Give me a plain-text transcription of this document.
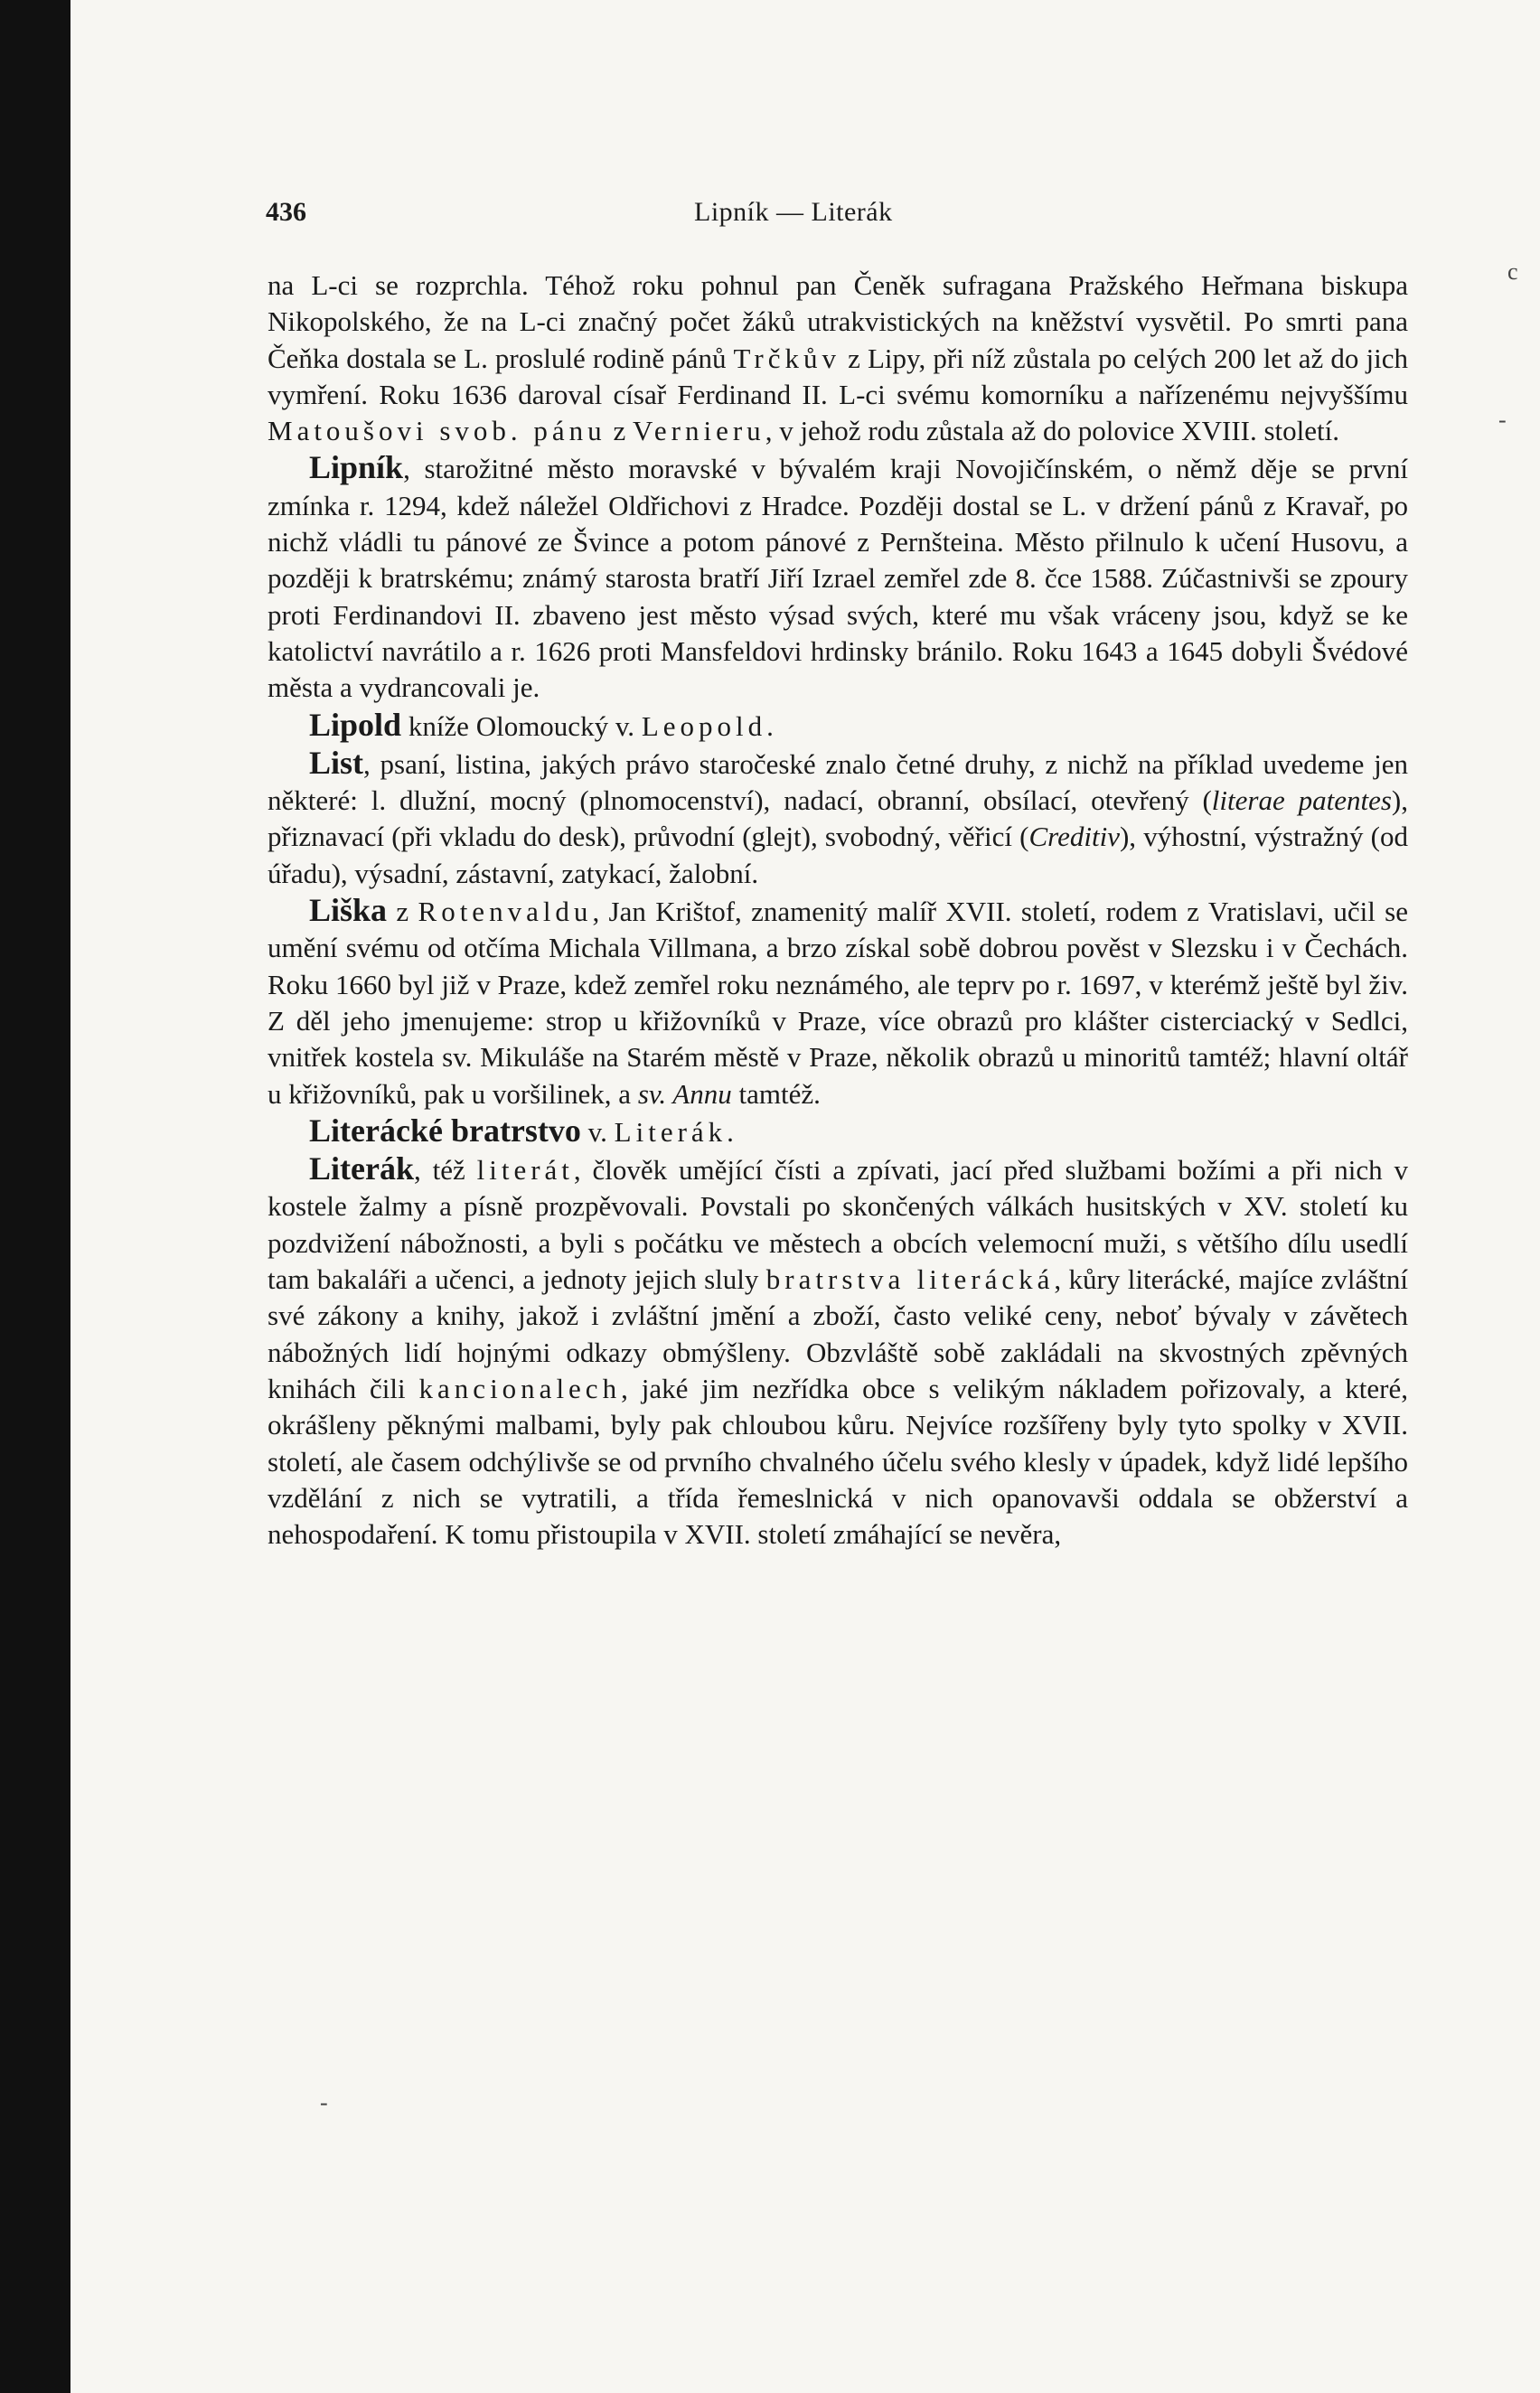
436	Lipník — Literák

na L-ci se rozprchla. Téhož roku pohnul pan Čeněk sufragana Pražského Heřmana biskupa Nikopolského, že na L-ci značný počet žáků utrakvistických na kněžství vysvětil. Po smrti pana Čeňka dostala se L. proslulé rodině pánů Trčkův z Lipy, při níž zůstala po celých 200 let až do jich vymření. Roku 1636 daroval císař Ferdinand II. L-ci svému komorníku a nařízenému nejvyššímu Matoušovi svob. pánu z Vernieru, v jehož rodu zůstala až do polovice XVIII. století.

Lipník, starožitné město moravské v bývalém kraji Novojičínském, o němž děje se první zmínka r. 1294, kdež náležel Oldřichovi z Hradce. Později dostal se L. v držení pánů z Kravař, po nichž vládli tu pánové ze Švince a potom pánové z Pernšteina. Město přilnulo k učení Husovu, a později k bratrskému; známý starosta bratří Jiří Izrael zemřel zde 8. čce 1588. Zúčastnivši se zpoury proti Ferdinandovi II. zbaveno jest město výsad svých, které mu však vráceny jsou, když se ke katolictví navrátilo a r. 1626 proti Mansfeldovi hrdinsky bránilo. Roku 1643 a 1645 dobyli Švédové města a vydrancovali je.

Lipold kníže Olomoucký v. Leopold.

List, psaní, listina, jakých právo staročeské znalo četné druhy, z nichž na příklad uvedeme jen některé: l. dlužní, mocný (plnomocenství), nadací, obranní, obsílací, otevřený (literae patentes), přiznavací (při vkladu do desk), průvodní (glejt), svobodný, věřicí (Creditiv), výhostní, výstražný (od úřadu), výsadní, zástavní, zatykací, žalobní.

Liška z Rotenvaldu, Jan Krištof, znamenitý malíř XVII. století, rodem z Vratislavi, učil se umění svému od otčíma Michala Villmana, a brzo získal sobě dobrou pověst v Slezsku i v Čechách. Roku 1660 byl již v Praze, kdež zemřel roku neznámého, ale teprv po r. 1697, v kterémž ještě byl živ. Z děl jeho jmenujeme: strop u křižovníků v Praze, více obrazů pro klášter cisterciacký v Sedlci, vnitřek kostela sv. Mikuláše na Starém městě v Praze, několik obrazů u minoritů tamtéž; hlavní oltář u křižovníků, pak u voršilinek, a sv. Annu tamtéž.

Literácké bratrstvo v. Literák.

Literák, též literát, člověk umějící čísti a zpívati, jací před službami božími a při nich v kostele žalmy a písně prozpěvovali. Povstali po skončených válkách husitských v XV. století ku pozdvižení nábožnosti, a byli s počátku ve městech a obcích velemocní muži, s většího dílu usedlí tam bakaláři a učenci, a jednoty jejich sluly bratrstva literácká, kůry literácké, majíce zvláštní své zákony a knihy, jakož i zvláštní jmění a zboží, často veliké ceny, neboť bývaly v závětech nábožných lidí hojnými odkazy obmýšleny. Obzvláště sobě zakládali na skvostných zpěvných knihách čili kancionalech, jaké jim nezřídka obce s velikým nákladem pořizovaly, a které, okrášleny pěknými malbami, byly pak chloubou kůru. Nejvíce rozšířeny byly tyto spolky v XVII. století, ale časem odchýlivše se od prvního chvalného účelu svého klesly v úpadek, když lidé lepšího vzdělání z nich se vytratili, a třída řemeslnická v nich opanovavši oddala se obžerství a nehospodaření. K tomu přistoupila v XVII. století zmáhající se nevěra,

c
-
-
